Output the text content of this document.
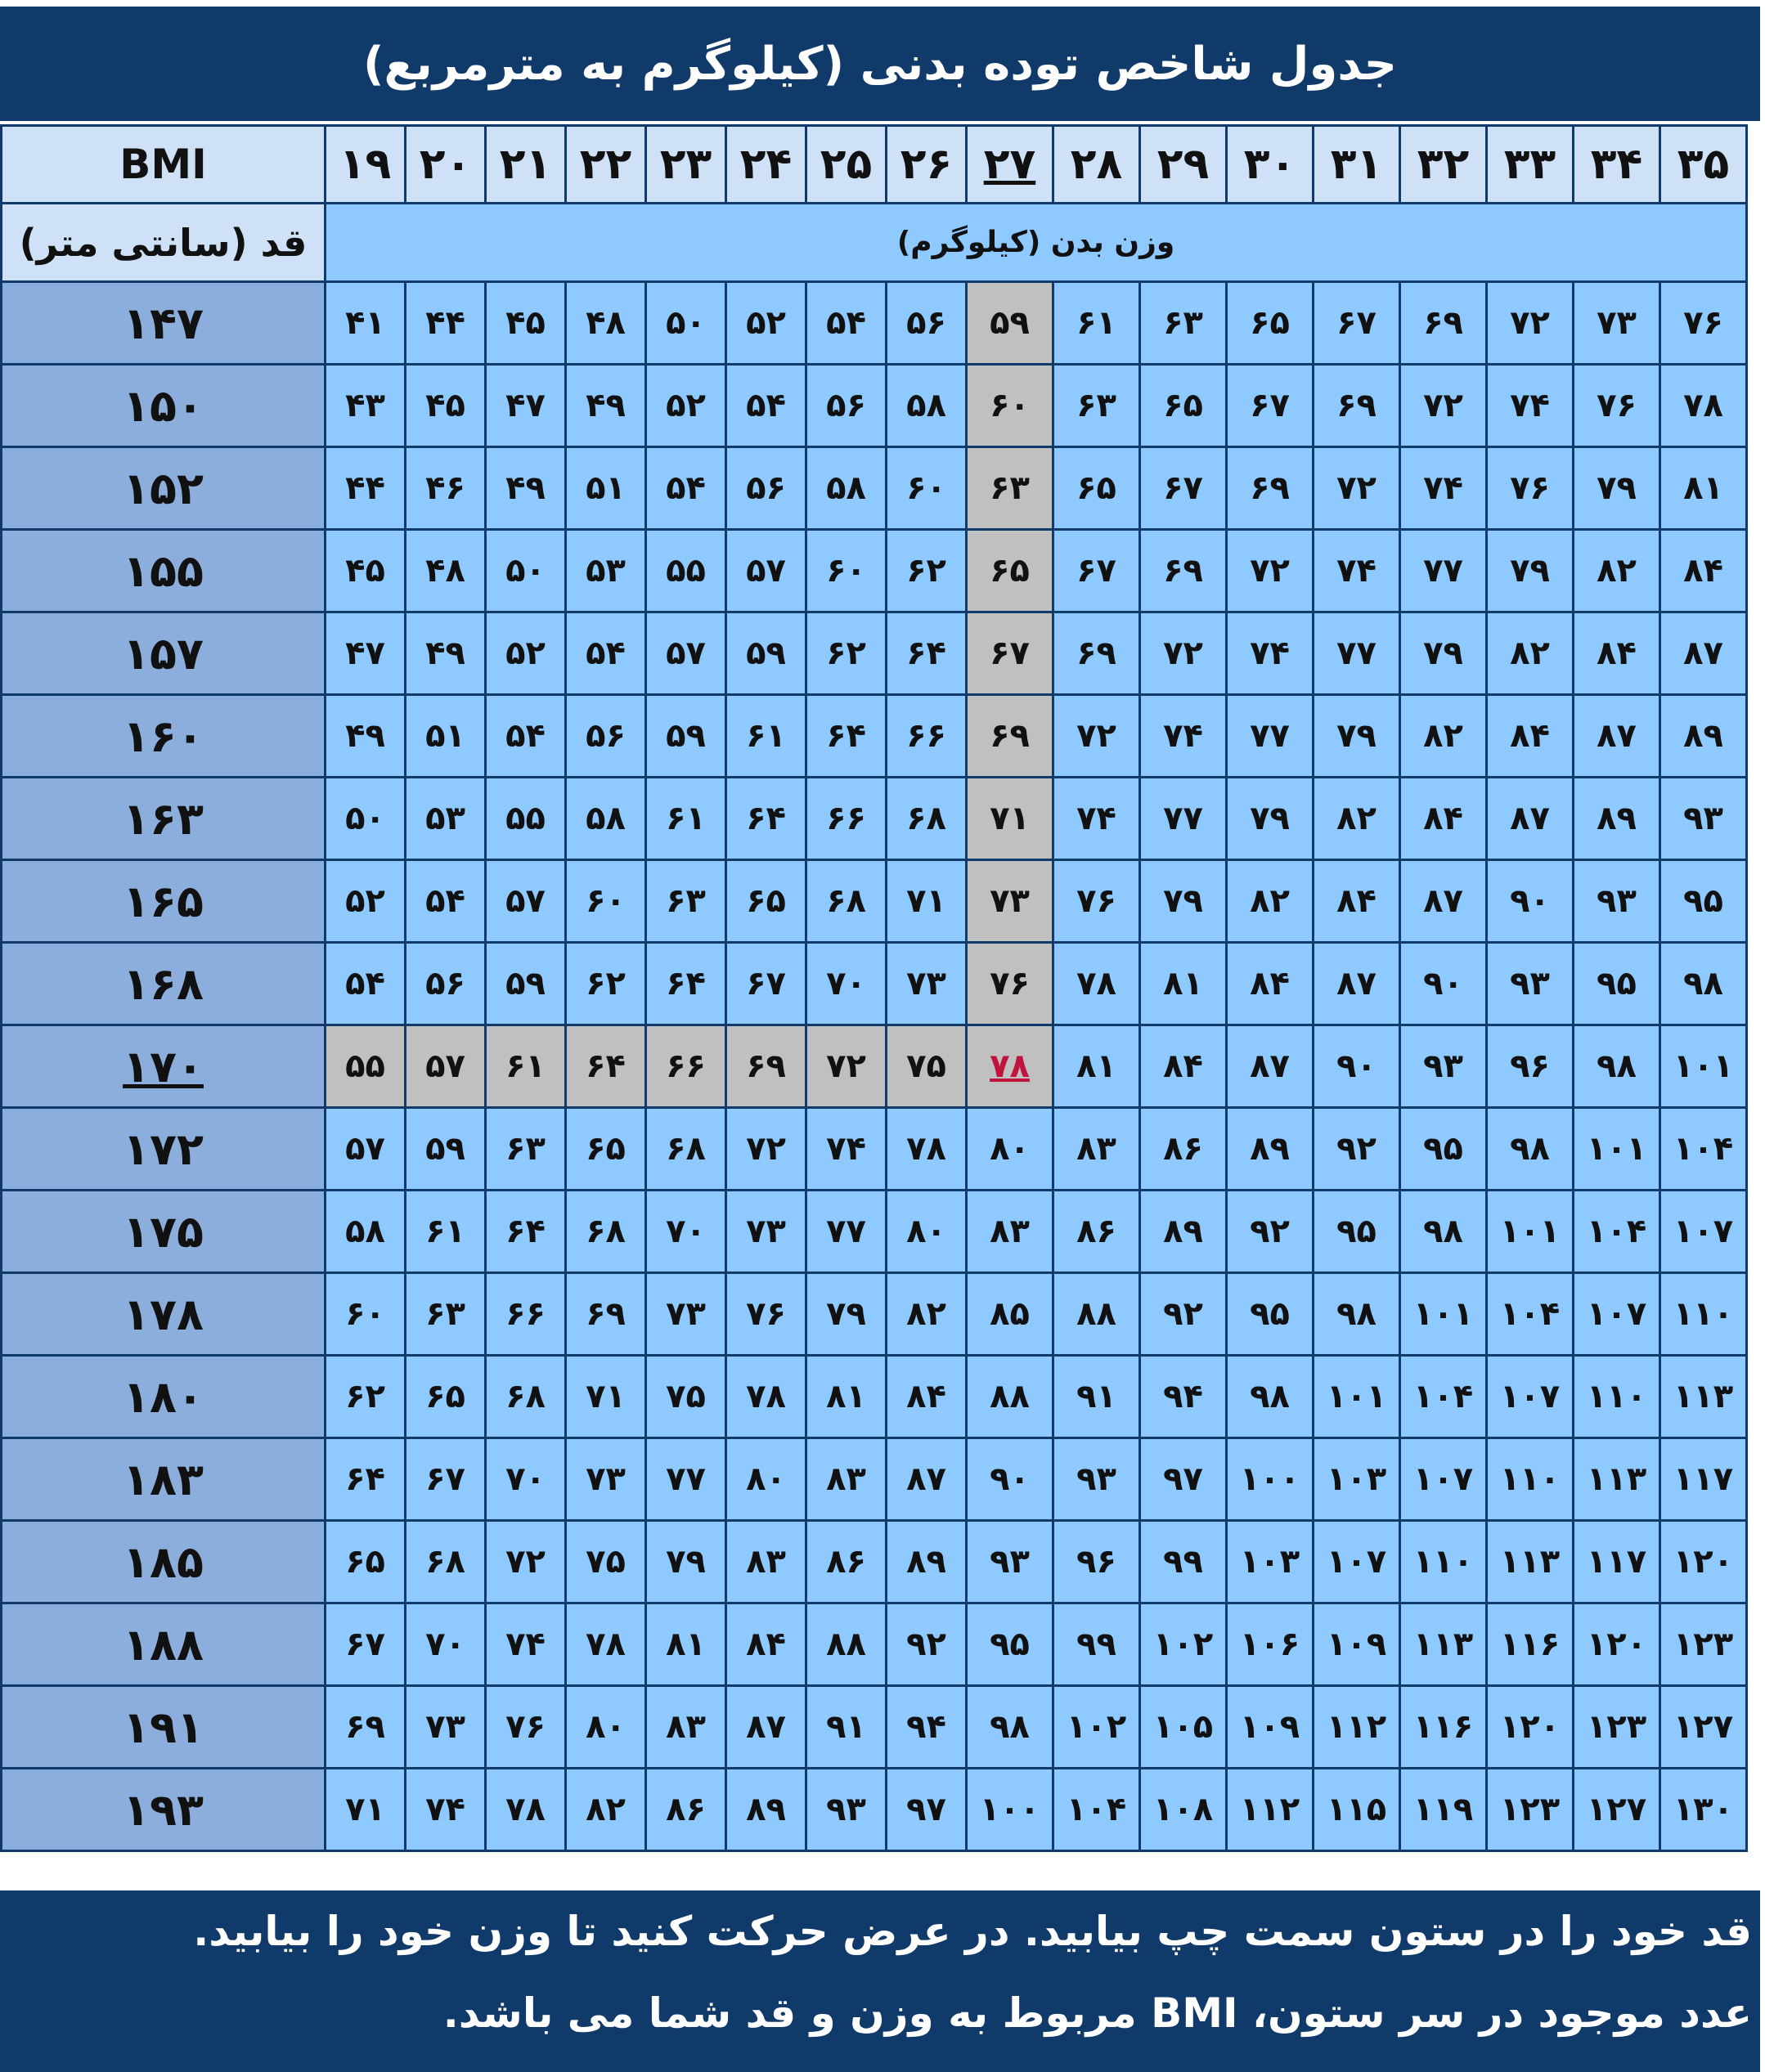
جدول شاخص توده بدنی (کیلوگرم به مترمربع)
BMI	۱۹	۲۰	۲۱	۲۲	۲۳	۲۴	۲۵	۲۶	۲۷	۲۸	۲۹	۳۰	۳۱	۳۲	۳۳	۳۴	۳۵
قد (سانتی متر)	وزن بدن (کیلوگرم)																
۱۴۷	۴۱	۴۴	۴۵	۴۸	۵۰	۵۲	۵۴	۵۶	۵۹	۶۱	۶۳	۶۵	۶۷	۶۹	۷۲	۷۳	۷۶
۱۵۰	۴۳	۴۵	۴۷	۴۹	۵۲	۵۴	۵۶	۵۸	۶۰	۶۳	۶۵	۶۷	۶۹	۷۲	۷۴	۷۶	۷۸
۱۵۲	۴۴	۴۶	۴۹	۵۱	۵۴	۵۶	۵۸	۶۰	۶۳	۶۵	۶۷	۶۹	۷۲	۷۴	۷۶	۷۹	۸۱
۱۵۵	۴۵	۴۸	۵۰	۵۳	۵۵	۵۷	۶۰	۶۲	۶۵	۶۷	۶۹	۷۲	۷۴	۷۷	۷۹	۸۲	۸۴
۱۵۷	۴۷	۴۹	۵۲	۵۴	۵۷	۵۹	۶۲	۶۴	۶۷	۶۹	۷۲	۷۴	۷۷	۷۹	۸۲	۸۴	۸۷
۱۶۰	۴۹	۵۱	۵۴	۵۶	۵۹	۶۱	۶۴	۶۶	۶۹	۷۲	۷۴	۷۷	۷۹	۸۲	۸۴	۸۷	۸۹
۱۶۳	۵۰	۵۳	۵۵	۵۸	۶۱	۶۴	۶۶	۶۸	۷۱	۷۴	۷۷	۷۹	۸۲	۸۴	۸۷	۸۹	۹۳
۱۶۵	۵۲	۵۴	۵۷	۶۰	۶۳	۶۵	۶۸	۷۱	۷۳	۷۶	۷۹	۸۲	۸۴	۸۷	۹۰	۹۳	۹۵
۱۶۸	۵۴	۵۶	۵۹	۶۲	۶۴	۶۷	۷۰	۷۳	۷۶	۷۸	۸۱	۸۴	۸۷	۹۰	۹۳	۹۵	۹۸
۱۷۰	۵۵	۵۷	۶۱	۶۴	۶۶	۶۹	۷۲	۷۵	۷۸	۸۱	۸۴	۸۷	۹۰	۹۳	۹۶	۹۸	۱۰۱
۱۷۲	۵۷	۵۹	۶۳	۶۵	۶۸	۷۲	۷۴	۷۸	۸۰	۸۳	۸۶	۸۹	۹۲	۹۵	۹۸	۱۰۱	۱۰۴
۱۷۵	۵۸	۶۱	۶۴	۶۸	۷۰	۷۳	۷۷	۸۰	۸۳	۸۶	۸۹	۹۲	۹۵	۹۸	۱۰۱	۱۰۴	۱۰۷
۱۷۸	۶۰	۶۳	۶۶	۶۹	۷۳	۷۶	۷۹	۸۲	۸۵	۸۸	۹۲	۹۵	۹۸	۱۰۱	۱۰۴	۱۰۷	۱۱۰
۱۸۰	۶۲	۶۵	۶۸	۷۱	۷۵	۷۸	۸۱	۸۴	۸۸	۹۱	۹۴	۹۸	۱۰۱	۱۰۴	۱۰۷	۱۱۰	۱۱۳
۱۸۳	۶۴	۶۷	۷۰	۷۳	۷۷	۸۰	۸۳	۸۷	۹۰	۹۳	۹۷	۱۰۰	۱۰۳	۱۰۷	۱۱۰	۱۱۳	۱۱۷
۱۸۵	۶۵	۶۸	۷۲	۷۵	۷۹	۸۳	۸۶	۸۹	۹۳	۹۶	۹۹	۱۰۳	۱۰۷	۱۱۰	۱۱۳	۱۱۷	۱۲۰
۱۸۸	۶۷	۷۰	۷۴	۷۸	۸۱	۸۴	۸۸	۹۲	۹۵	۹۹	۱۰۲	۱۰۶	۱۰۹	۱۱۳	۱۱۶	۱۲۰	۱۲۳
۱۹۱	۶۹	۷۳	۷۶	۸۰	۸۳	۸۷	۹۱	۹۴	۹۸	۱۰۲	۱۰۵	۱۰۹	۱۱۲	۱۱۶	۱۲۰	۱۲۳	۱۲۷
۱۹۳	۷۱	۷۴	۷۸	۸۲	۸۶	۸۹	۹۳	۹۷	۱۰۰	۱۰۴	۱۰۸	۱۱۲	۱۱۵	۱۱۹	۱۲۳	۱۲۷	۱۳۰
قد خود را در ستون سمت چپ بیابید. در عرض حرکت کنید تا وزن خود را بیابید.
عدد موجود در سر ستون، BMI مربوط به وزن و قد شما می باشد.
